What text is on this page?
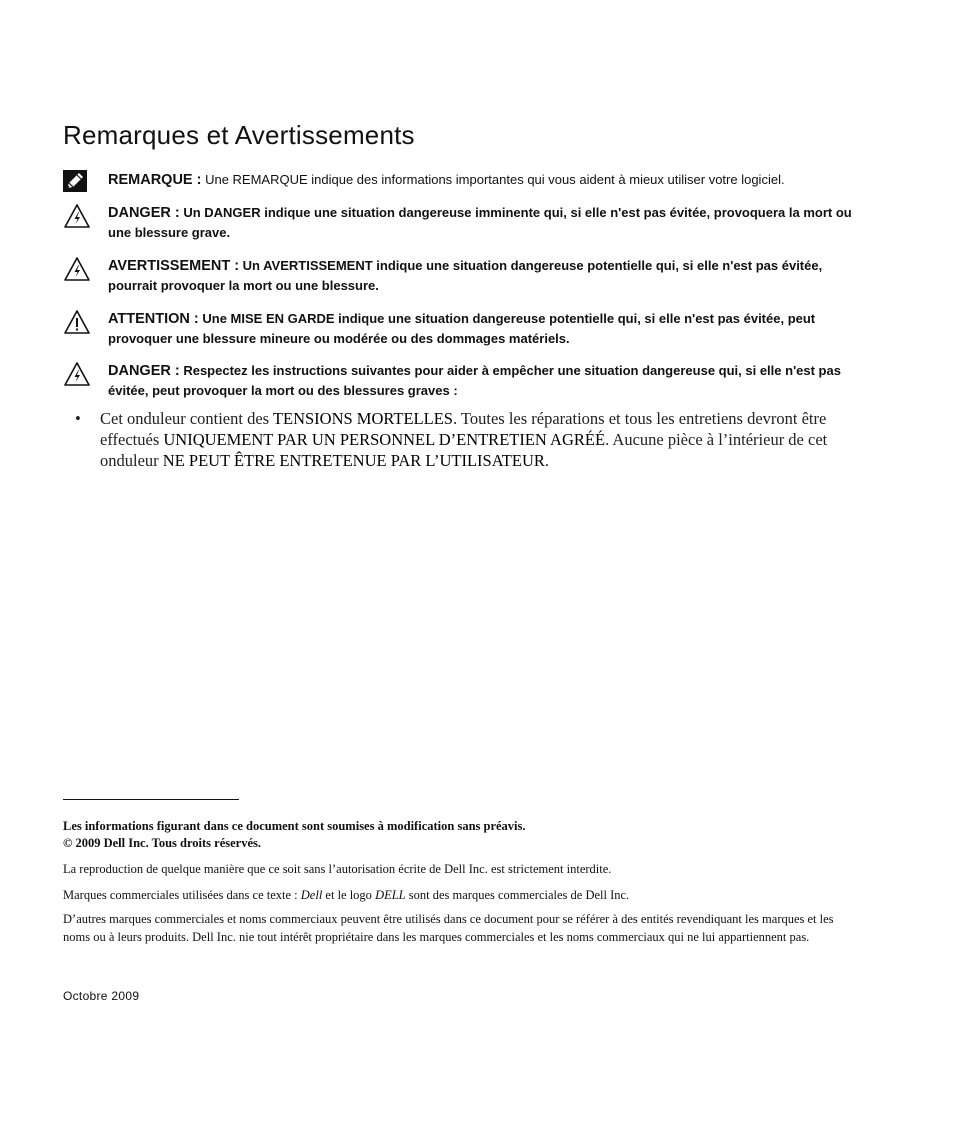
Remarques et Avertissements
REMARQUE : Une REMARQUE indique des informations importantes qui vous aident à mieux utiliser votre logiciel.
DANGER : Un DANGER indique une situation dangereuse imminente qui, si elle n'est pas évitée, provoquera la mort ou une blessure grave.
AVERTISSEMENT : Un AVERTISSEMENT indique une situation dangereuse potentielle qui, si elle n'est pas évitée, pourrait provoquer la mort ou une blessure.
ATTENTION : Une MISE EN GARDE indique une situation dangereuse potentielle qui, si elle n'est pas évitée, peut provoquer une blessure mineure ou modérée ou des dommages matériels.
DANGER : Respectez les instructions suivantes pour aider à empêcher une situation dangereuse qui, si elle n'est pas évitée, peut provoquer la mort ou des blessures graves :
• Cet onduleur contient des TENSIONS MORTELLES. Toutes les réparations et tous les entretiens devront être effectués UNIQUEMENT PAR UN PERSONNEL D’ENTRETIEN AGRÉÉ. Aucune pièce à l’intérieur de cet onduleur NE PEUT ÊTRE ENTRETENUE PAR L’UTILISATEUR.
Les informations figurant dans ce document sont soumises à modification sans préavis.
© 2009 Dell Inc. Tous droits réservés.
La reproduction de quelque manière que ce soit sans l’autorisation écrite de Dell Inc. est strictement interdite.
Marques commerciales utilisées dans ce texte : Dell et le logo DELL sont des marques commerciales de Dell Inc.
D’autres marques commerciales et noms commerciaux peuvent être utilisés dans ce document pour se référer à des entités revendiquant les marques et les noms ou à leurs produits. Dell Inc. nie tout intérêt propriétaire dans les marques commerciales et les noms commerciaux qui ne lui appartiennent pas.
Octobre 2009
